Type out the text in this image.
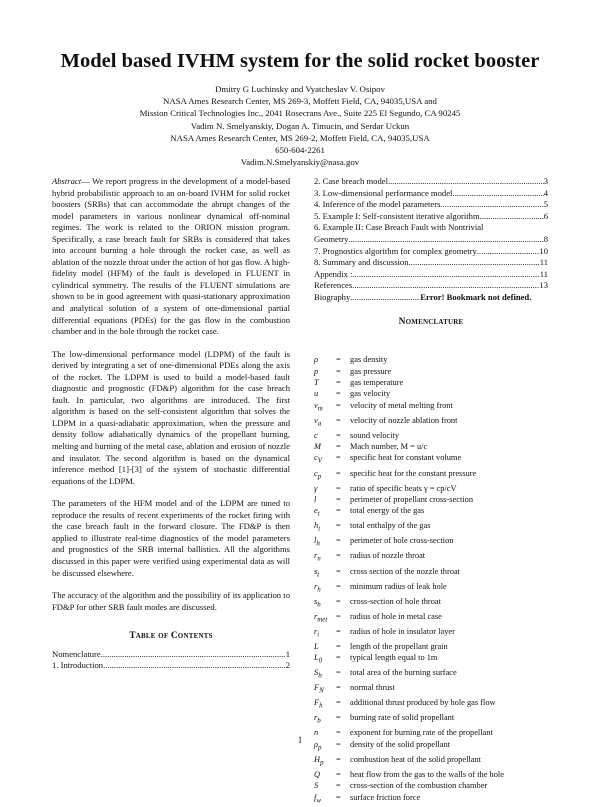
Model based IVHM system for the solid rocket booster
Dmitry G Luchinsky and Vyatcheslav V. Osipov
NASA Ames Research Center, MS 269-3, Moffett Field, CA, 94035,USA and
Mission Critical Technologies Inc., 2041 Rosecrans Ave., Suite 225 El Segundo, CA 90245
Vadim N. Smelyanskiy, Dogan A. Timucin, and Serdar Uckun
NASA Ames Research Center, MS 269-2, Moffett Field, CA, 94035,USA
650-604-2261
Vadim.N.Smelyanskiy@nasa.gov

Abstract— We report progress in the development of a model-based hybrid probabilistic approach to an on-board IVHM for solid rocket boosters (SRBs) that can accommodate the abrupt changes of the model parameters in various nonlinear dynamical off-nominal regimes. The work is related to the ORION mission program. Specifically, a case breach fault for SRBs is considered that takes into account burning a hole through the rocket case, as well as ablation of the nozzle throat under the action of hot gas flow. A high-fidelity model (HFM) of the fault is developed in FLUENT in cylindrical symmetry. The results of the FLUENT simulations are shown to be in good agreement with quasi-stationary approximation and analytical solution of a system of one-dimensional partial differential equations (PDEs) for the gas flow in the combustion chamber and in the hole through the rocket case.

The low-dimensional performance model (LDPM) of the fault is derived by integrating a set of one-dimensional PDEs along the axis of the rocket. The LDPM is used to build a model-based fault diagnostic and prognostic (FD&P) algorithm for the case breach fault. In particular, two algorithms are introduced. The first algorithm is based on the self-consistent algorithm that solves the LDPM in a quasi-adiabatic approximation, when the pressure and density follow adiabatically dynamics of the propellant burning, melting and burning of the metal case, ablation and erosion of nozzle and insulator. The second algorithm is based on the dynamical inference method [1]-[3] of the system of stochastic differential equations of the LDPM.

The parameters of the HFM model and of the LDPM are tuned to reproduce the results of recent experiments of the rocket firing with the case breach fault in the forward closure. The FD&P is then applied to illustrate real-time diagnostics of the model parameters and prognostics of the SRB internal ballistics. All the algorithms discussed in this paper were verified using experimental data as will be discussed elsewhere.

The accuracy of the algorithm and the possibility of its application to FD&P for other SRB fault modes are discussed.

Table of Contents
Nomenclature .....	1
1. Introduction .....	2
2. Case breach model .....	3
3. Low-dimensional performance model .....	4
4. Inference of the model parameters .....	5
5. Example I: Self-consistent iterative algorithm .....	6
6. Example II: Case Breach Fault with Nontrivial
Geometry .....	8
7. Prognostics algorithm for complex geometry .....	10
8. Summary and discussion .....	11
Appendix : .....	11
References .....	13
Biography .....	Error! Bookmark not defined.
Nomenclature
ρ	=	gas density
p	=	gas pressure
T	=	gas temperature
u	=	gas velocity
$v_m$	=	velocity of metal melting front
$v_a$	=	velocity of nozzle ablation front
c	=	sound velocity
M	=	Mach number, M = u/c
$c_V$	=	specific heat for constant volume
$c_p$	=	specific heat for the constant pressure
γ	=	ratio of specific heats γ = cp/cV
l	=	perimeter of propellant cross-section
$e_t$	=	total energy of the gas
$h_t$	=	total enthalpy of the gas
$l_h$	=	perimeter of hole cross-section
$r_n$	=	radius of nozzle throat
$s_t$	=	cross section of the nozzle throat
$r_h$	=	minimum radius of leak hole
$s_h$	=	cross-section of hole throat
$r_{met}$	=	radius of hole in metal case
$r_i$	=	radius of hole in insulator layer
L	=	length of the propellant grain
$L_0$	=	typical length equal to 1m
$S_b$	=	total area of the burning surface
$F_N$	=	normal thrust
$F_h$	=	additional thrust produced by hole gas flow
$r_b$	=	burning rate of solid propellant
n	=	exponent for burning rate of the propellant
$\rho_p$	=	density of the solid propellant
$H_p$	=	combustion heat of the solid propellant
Q	=	heat flow from the gas to the walls of the hole
S	=	cross-section of the combustion chamber
$f_w$	=	surface friction force
1
